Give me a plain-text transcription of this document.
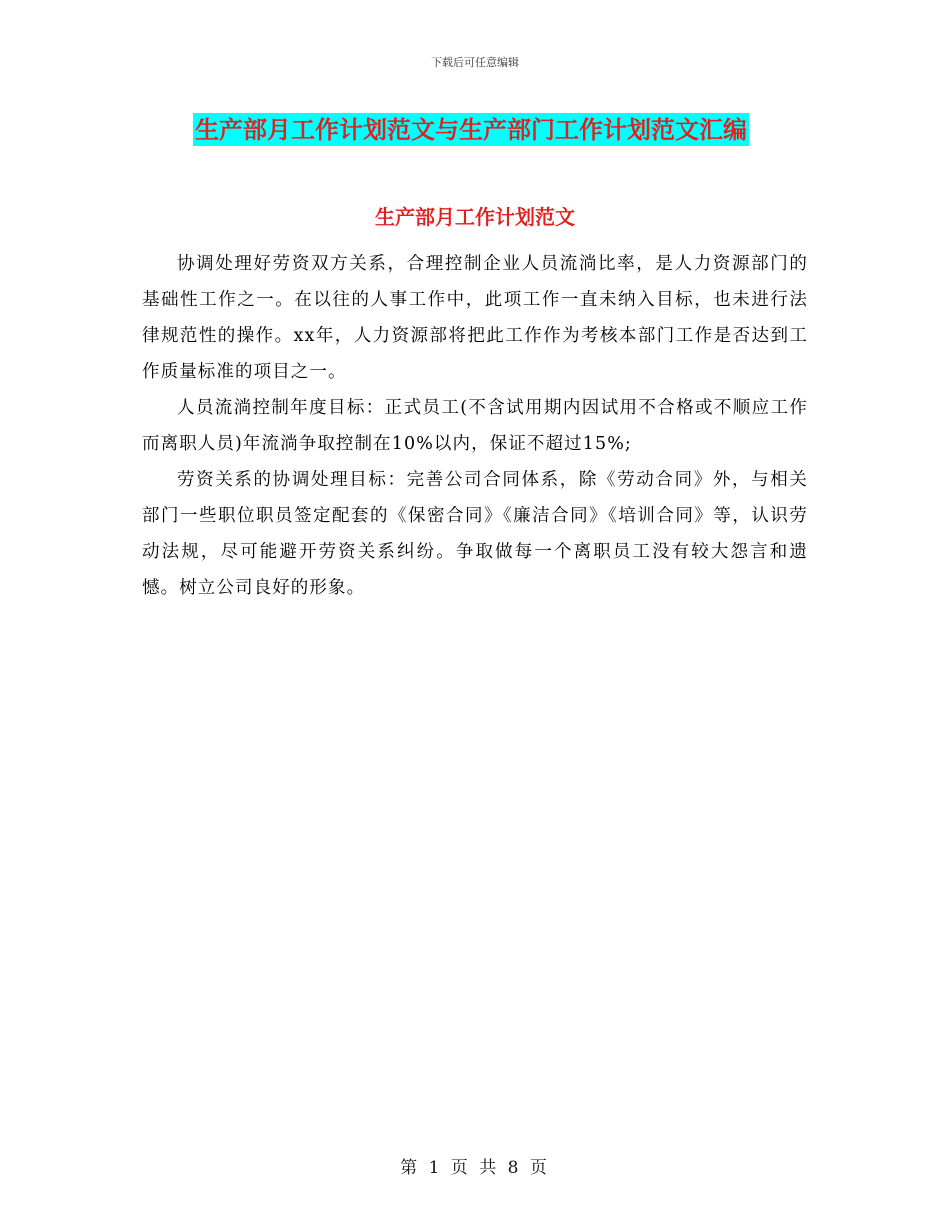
下载后可任意编辑
生产部月工作计划范文与生产部门工作计划范文汇编
生产部月工作计划范文

协调处理好劳资双方关系，合理控制企业人员流淌比率，是人力资源部门的基础性工作之一。在以往的人事工作中，此项工作一直未纳入目标，也未进行法律规范性的操作。xx年，人力资源部将把此工作作为考核本部门工作是否达到工作质量标准的项目之一。

人员流淌控制年度目标：正式员工(不含试用期内因试用不合格或不顺应工作而离职人员)年流淌争取控制在10%以内，保证不超过15%;

劳资关系的协调处理目标：完善公司合同体系，除《劳动合同》外，与相关部门一些职位职员签定配套的《保密合同》《廉洁合同》《培训合同》等，认识劳动法规，尽可能避开劳资关系纠纷。争取做每一个离职员工没有较大怨言和遗憾。树立公司良好的形象。

第 1 页 共 8 页
